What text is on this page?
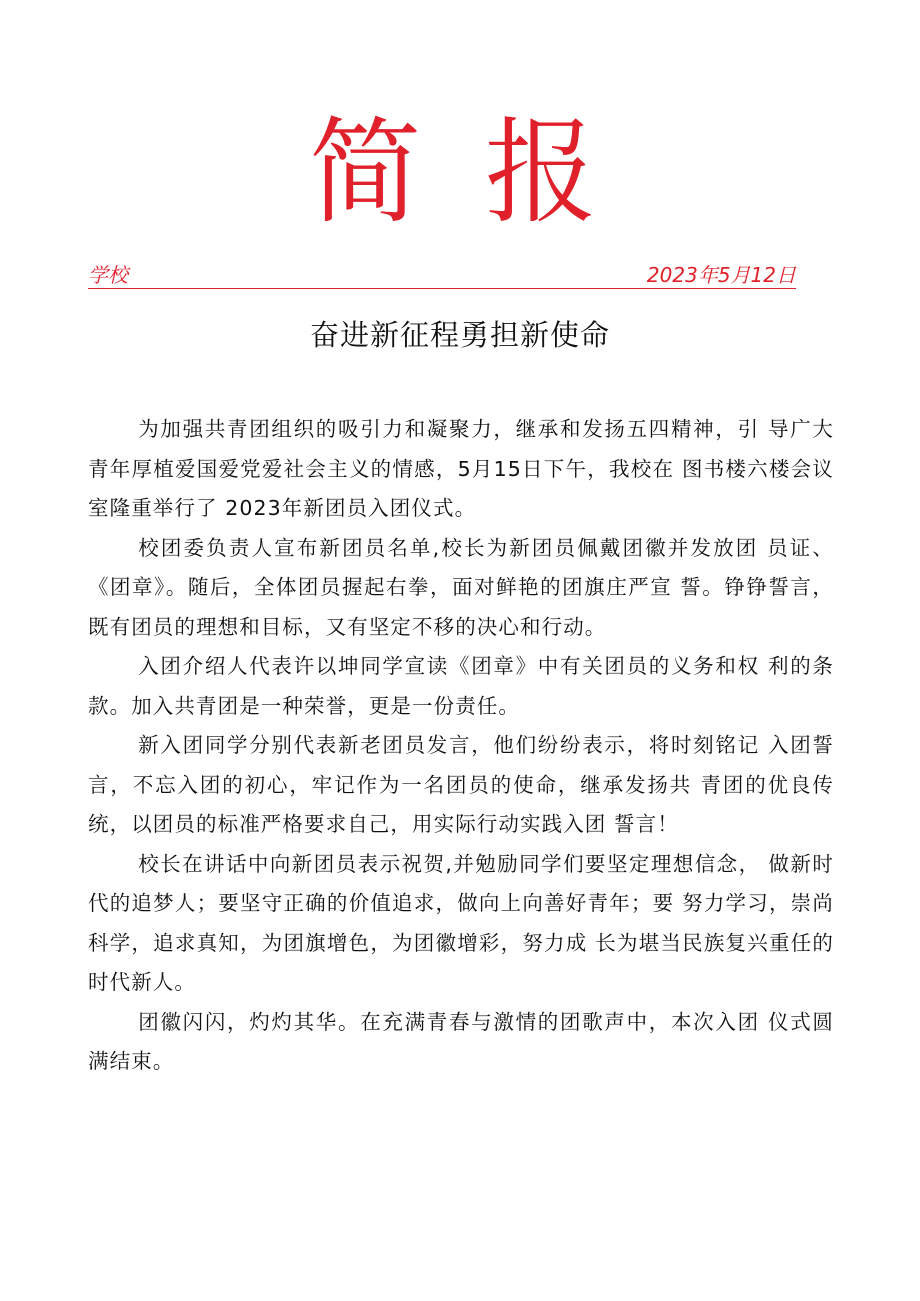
简 报
学校	2023年5月12日
奋进新征程勇担新使命

为加强共青团组织的吸引力和凝聚力，继承和发扬五四精神，引 导广大青年厚植爱国爱党爱社会主义的情感，5月15日下午，我校在 图书楼六楼会议室隆重举行了 2023年新团员入团仪式。

校团委负责人宣布新团员名单,校长为新团员佩戴团徽并发放团 员证、《团章》。随后，全体团员握起右拳，面对鲜艳的团旗庄严宣 誓。铮铮誓言，既有团员的理想和目标，又有坚定不移的决心和行动。

入团介绍人代表许以坤同学宣读《团章》中有关团员的义务和权 利的条款。加入共青团是一种荣誉，更是一份责任。

新入团同学分别代表新老团员发言，他们纷纷表示，将时刻铭记 入团誓言，不忘入团的初心，牢记作为一名团员的使命，继承发扬共 青团的优良传统，以团员的标准严格要求自己，用实际行动实践入团 誓言！

校长在讲话中向新团员表示祝贺,并勉励同学们要坚定理想信念， 做新时代的追梦人；要坚守正确的价值追求，做向上向善好青年；要 努力学习，崇尚科学，追求真知，为团旗增色，为团徽增彩，努力成 长为堪当民族复兴重任的时代新人。

团徽闪闪，灼灼其华。在充满青春与激情的团歌声中，本次入团 仪式圆满结束。
